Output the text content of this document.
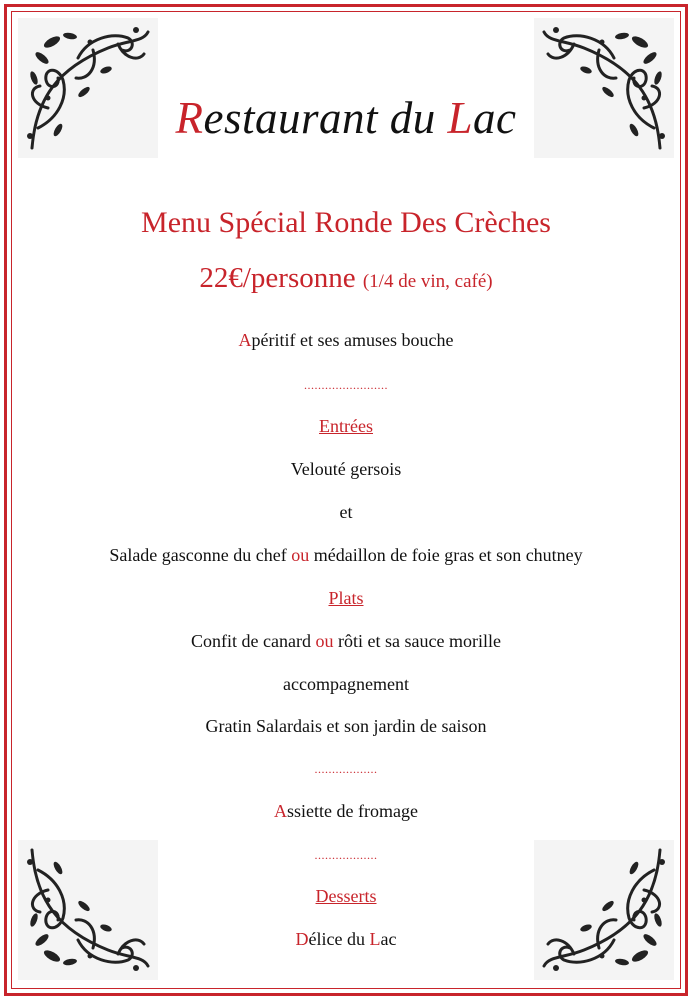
Restaurant du Lac
Menu Spécial Ronde Des Crèches
22€/personne (1/4 de vin, café)
Apéritif et ses amuses bouche
........................
Entrées
Velouté gersois
et
Salade gasconne du chef ou médaillon de foie gras et son chutney
Plats
Confit de canard ou rôti et sa sauce morille
accompagnement
Gratin Salardais et son jardin de saison
..................
Assiette de fromage
..................
Desserts
Délice du Lac
